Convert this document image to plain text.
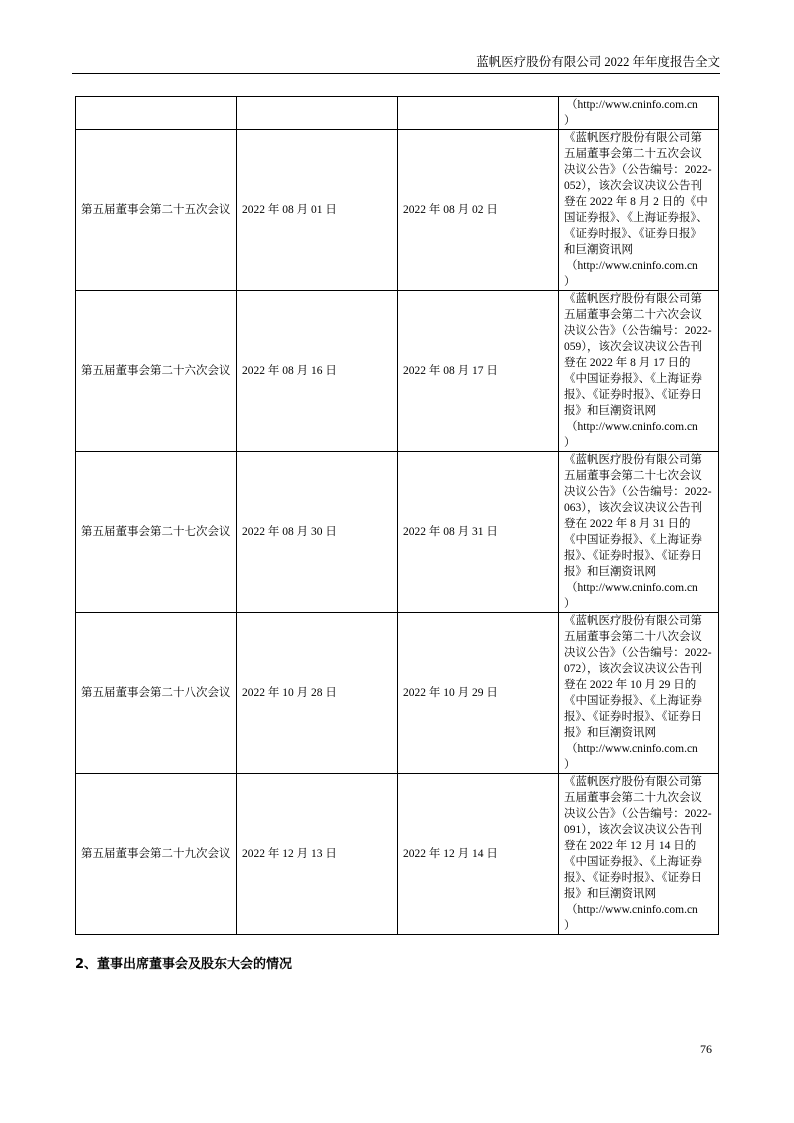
蓝帆医疗股份有限公司 2022 年年度报告全文

			（http://www.cninfo.com.cn
）
第五届董事会第二十五次会议	2022 年 08 月 01 日	2022 年 08 月 02 日	《蓝帆医疗股份有限公司第五届董事会第二十五次会议决议公告》（公告编号：2022-052），该次会议决议公告刊登在 2022 年 8 月 2 日的《中国证券报》、《上海证券报》、《证券时报》、《证券日报》和巨潮资讯网
（http://www.cninfo.com.cn
）
第五届董事会第二十六次会议	2022 年 08 月 16 日	2022 年 08 月 17 日	《蓝帆医疗股份有限公司第五届董事会第二十六次会议决议公告》（公告编号：2022-059），该次会议决议公告刊登在 2022 年 8 月 17 日的《中国证券报》、《上海证券报》、《证券时报》、《证券日报》和巨潮资讯网
（http://www.cninfo.com.cn
）
第五届董事会第二十七次会议	2022 年 08 月 30 日	2022 年 08 月 31 日	《蓝帆医疗股份有限公司第五届董事会第二十七次会议决议公告》（公告编号：2022-063），该次会议决议公告刊登在 2022 年 8 月 31 日的《中国证券报》、《上海证券报》、《证券时报》、《证券日报》和巨潮资讯网
（http://www.cninfo.com.cn
）
第五届董事会第二十八次会议	2022 年 10 月 28 日	2022 年 10 月 29 日	《蓝帆医疗股份有限公司第五届董事会第二十八次会议决议公告》（公告编号：2022-072），该次会议决议公告刊登在 2022 年 10 月 29 日的《中国证券报》、《上海证券报》、《证券时报》、《证券日报》和巨潮资讯网
（http://www.cninfo.com.cn
）
第五届董事会第二十九次会议	2022 年 12 月 13 日	2022 年 12 月 14 日	《蓝帆医疗股份有限公司第五届董事会第二十九次会议决议公告》（公告编号：2022-091），该次会议决议公告刊登在 2022 年 12 月 14 日的《中国证券报》、《上海证券报》、《证券时报》、《证券日报》和巨潮资讯网
（http://www.cninfo.com.cn
）
2、董事出席董事会及股东大会的情况
76
